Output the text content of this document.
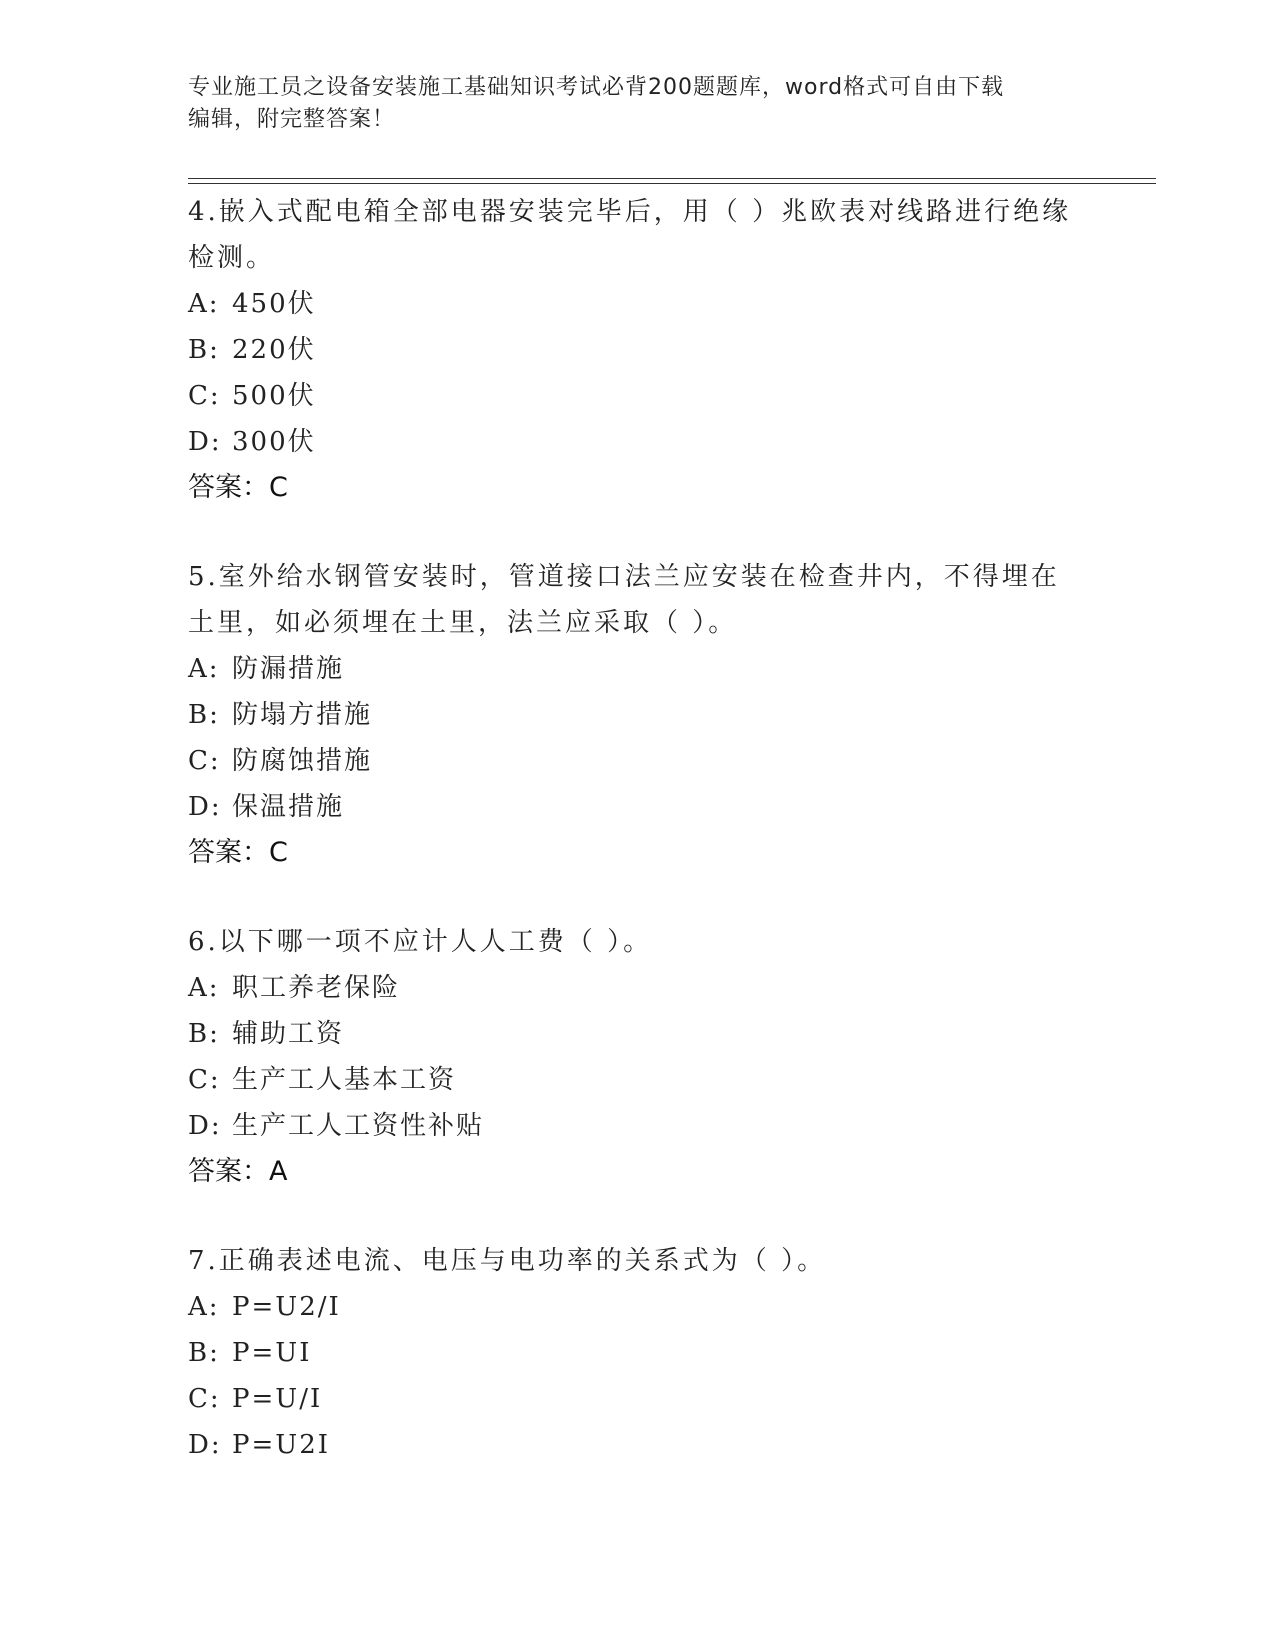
专业施工员之设备安装施工基础知识考试必背200题题库，word格式可自由下载
编辑，附完整答案！

4.嵌入式配电箱全部电器安装完毕后，用（ ）兆欧表对线路进行绝缘

检测。

A: 450伏

B: 220伏

C: 500伏

D: 300伏

答案：C

5.室外给水钢管安装时，管道接口法兰应安装在检查井内，不得埋在

土里，如必须埋在土里，法兰应采取（ ）。

A: 防漏措施

B: 防塌方措施

C: 防腐蚀措施

D: 保温措施

答案：C

6.以下哪一项不应计人人工费（ ）。

A: 职工养老保险

B: 辅助工资

C: 生产工人基本工资

D: 生产工人工资性补贴

答案：A

7.正确表述电流、电压与电功率的关系式为（ ）。

A: P=U2/I

B: P=UI

C: P=U/I

D: P=U2I
